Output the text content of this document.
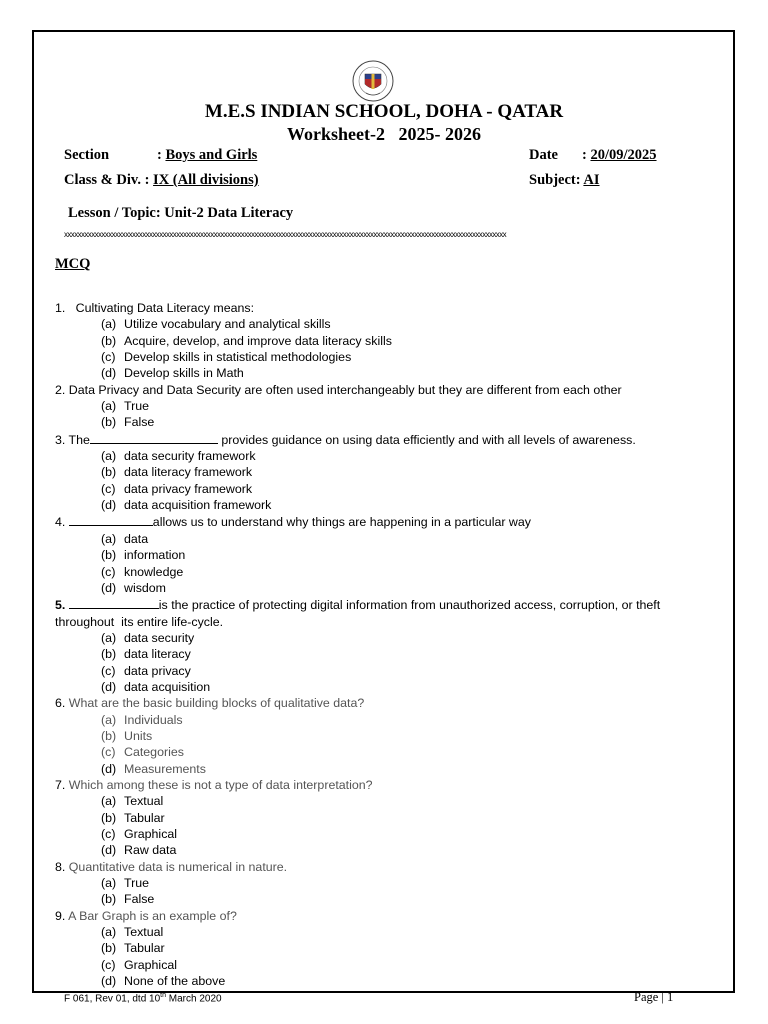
M.E.S INDIAN SCHOOL, DOHA - QATAR
Worksheet-2   2025- 2026
Section	: Boys and Girls	Date : 20/09/2025
Class & Div. : IX (All divisions)	Subject: AI
Lesson / Topic: Unit-2 Data Literacy
xxxxxxxxxxxxxxxxxxxxxxxxxxxxxxxxxxxxxxxxxxxxxxxxxxxxxxxxxxxxxxxxxxxxxxxxxxxxxxxxxxxxxxxxxxxxxxxxxxxxxxxxxxxxxxxxxxxxxxxxxxxxxxxxxx
MCQ
1.   Cultivating Data Literacy means:
(a) Utilize vocabulary and analytical skills
(b) Acquire, develop, and improve data literacy skills
(c) Develop skills in statistical methodologies
(d) Develop skills in Math
2. Data Privacy and Data Security are often used interchangeably but they are different from each other
(a) True
(b) False
3. The	provides guidance on using data efficiently and with all levels of awareness.
(a) data security framework
(b) data literacy framework
(c) data privacy framework
(d) data acquisition framework
4.	allows us to understand why things are happening in a particular way
(a) data
(b) information
(c) knowledge
(d) wisdom
5.	is the practice of protecting digital information from unauthorized access, corruption, or theft throughout  its entire life-cycle.
(a) data security
(b) data literacy
(c) data privacy
(d) data acquisition
6. What are the basic building blocks of qualitative data?
(a) Individuals
(b) Units
(c) Categories
(d) Measurements
7. Which among these is not a type of data interpretation?
(a) Textual
(b) Tabular
(c) Graphical
(d) Raw data
8. Quantitative data is numerical in nature.
(a) True
(b) False
9. A Bar Graph is an example of?
(a) Textual
(b) Tabular
(c) Graphical
(d) None of the above
F 061, Rev 01, dtd 10th March 2020	Page | 1
